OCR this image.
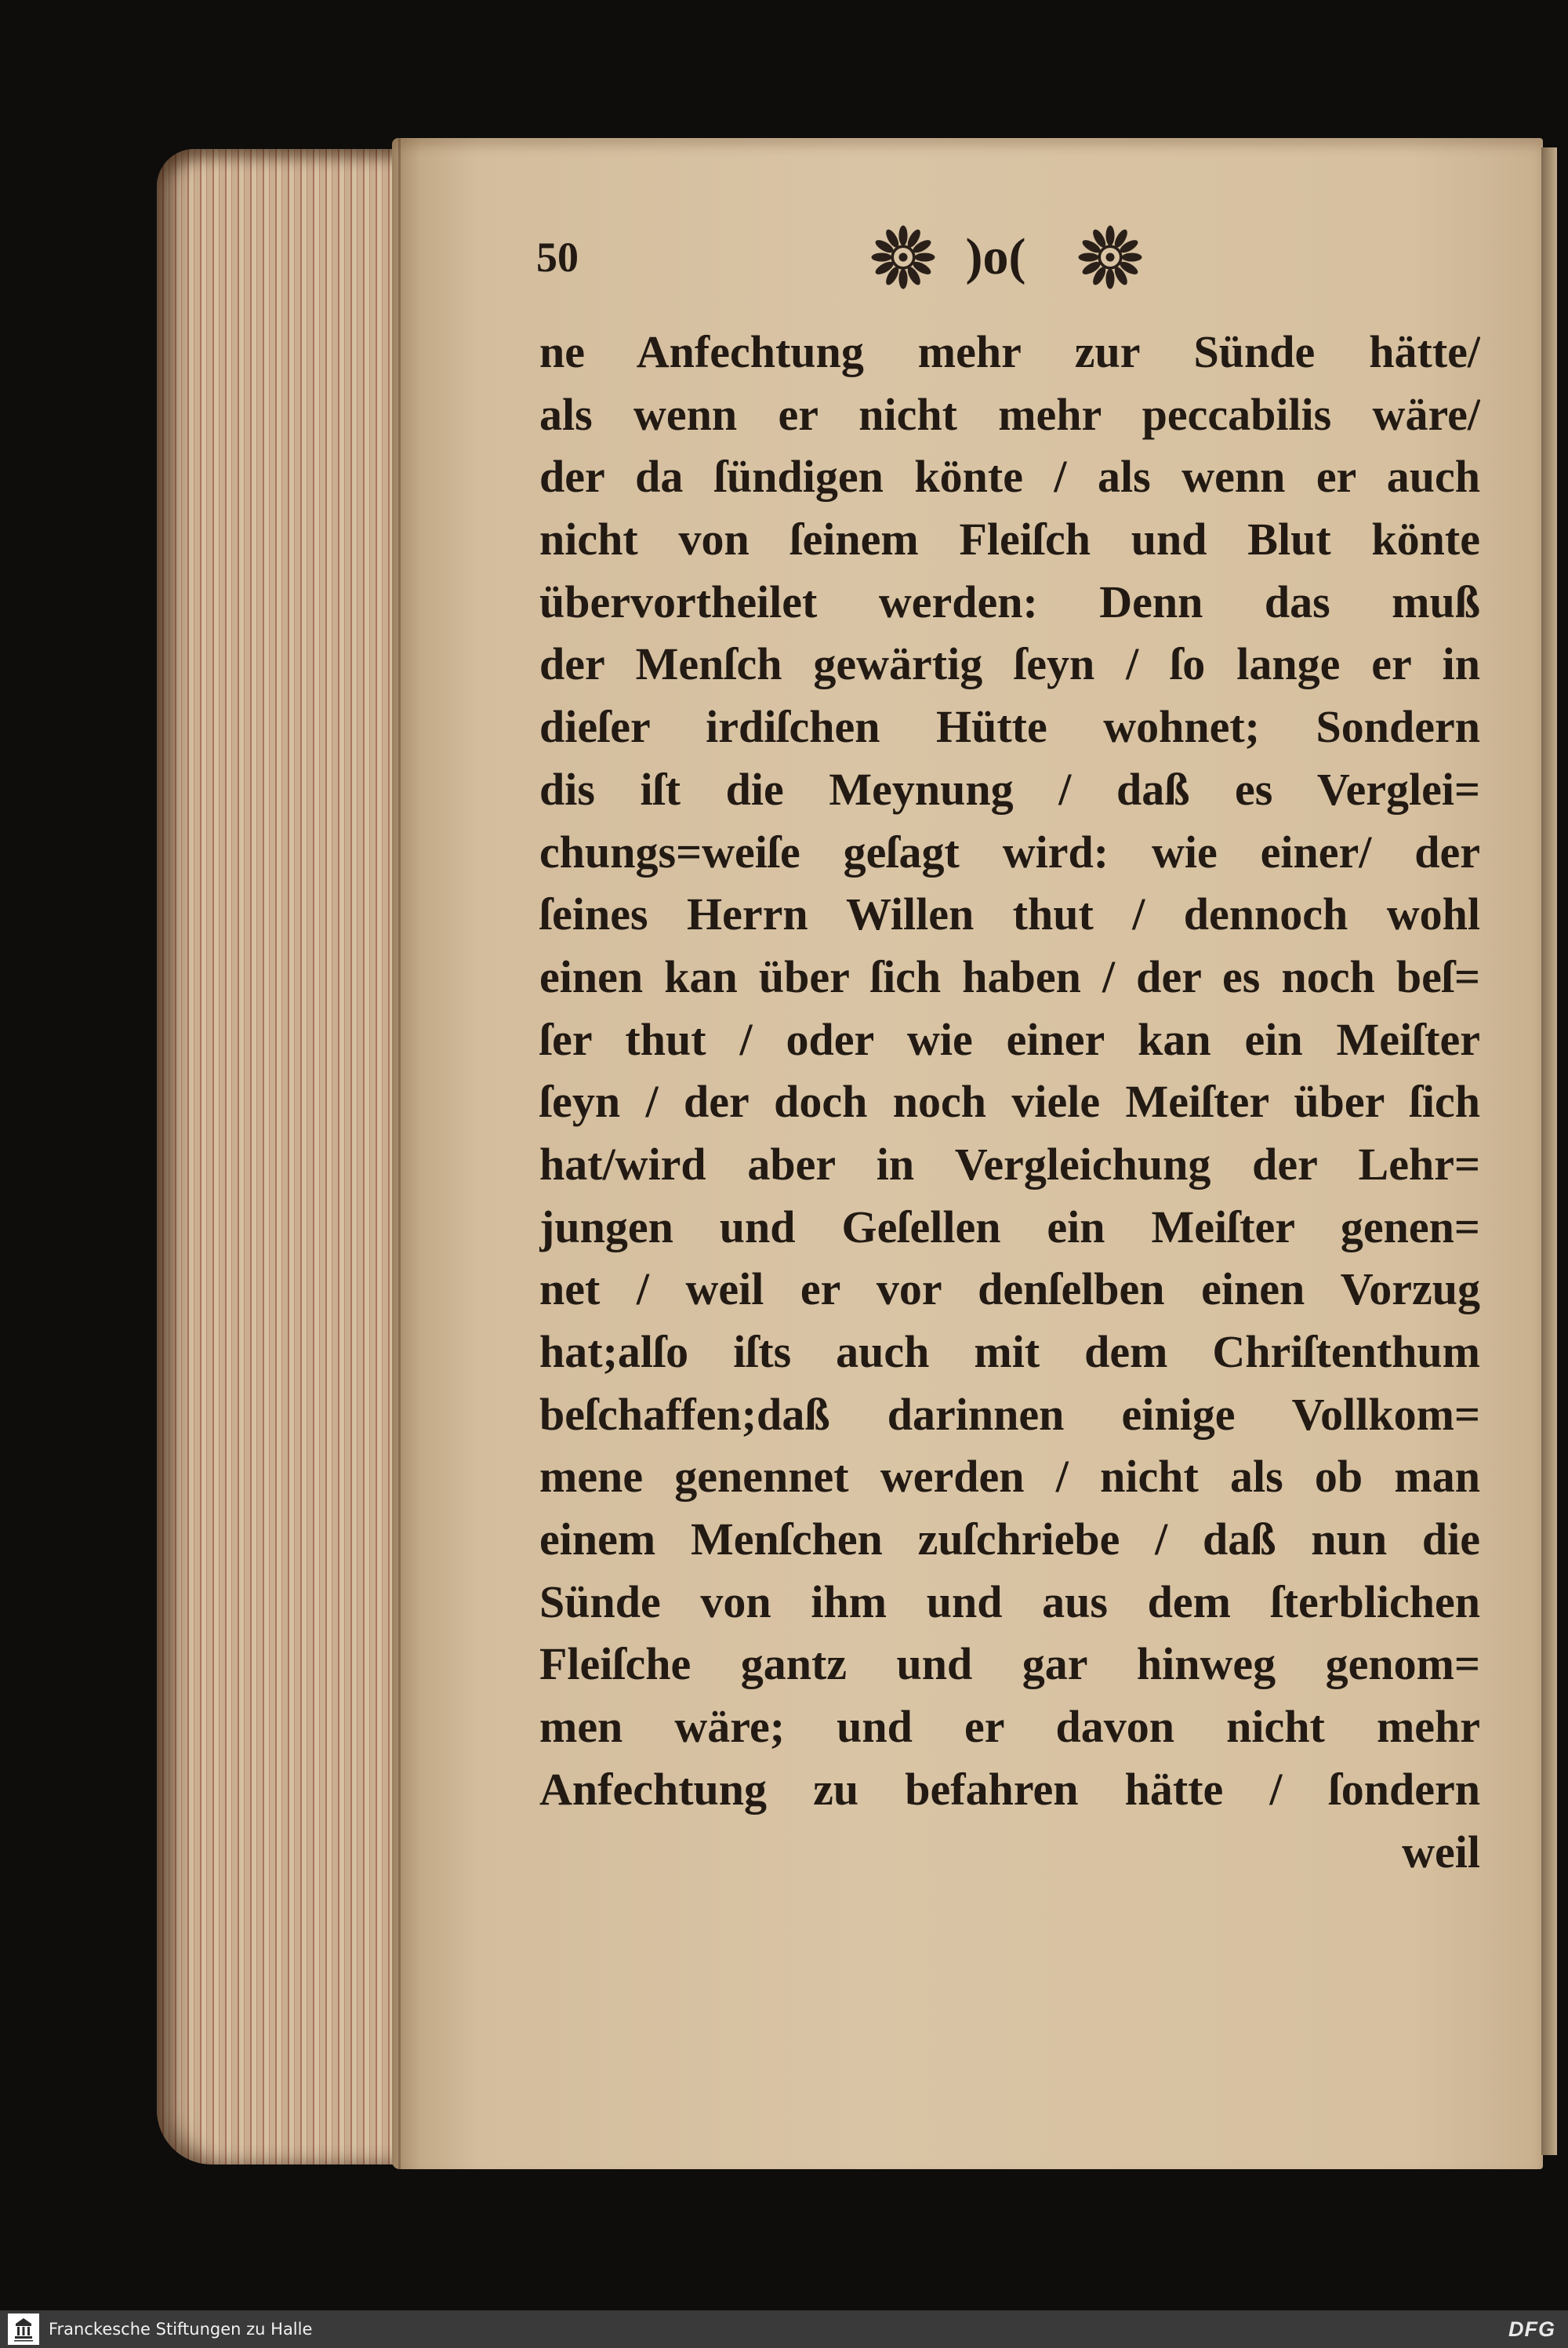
50	)o(
ne Anfechtung mehr zur Sünde hätte/
als wenn er nicht mehr peccabilis wäre/
der da ſündigen könte / als wenn er auch
nicht von ſeinem Fleiſch und Blut könte
übervortheilet werden: Denn das muß
der Menſch gewärtig ſeyn / ſo lange er in
dieſer irdiſchen Hütte wohnet; Sondern
dis iſt die Meynung / daß es Verglei=
chungs=weiſe geſagt wird: wie einer/ der
ſeines Herrn Willen thut / dennoch wohl
einen kan über ſich haben / der es noch beſ=
ſer thut / oder wie einer kan ein Meiſter
ſeyn / der doch noch viele Meiſter über ſich
hat/wird aber in Vergleichung der Lehr=
jungen und Geſellen ein Meiſter genen=
net / weil er vor denſelben einen Vorzug
hat;alſo iſts auch mit dem Chriſtenthum
beſchaffen;daß darinnen einige Vollkom=
mene genennet werden / nicht als ob man
einem Menſchen zuſchriebe / daß nun die
Sünde von ihm und aus dem ſterblichen
Fleiſche gantz und gar hinweg genom=
men wäre; und er davon nicht mehr
Anfechtung zu befahren hätte / ſondern
weil
Franckesche Stiftungen zu Halle	DFG
